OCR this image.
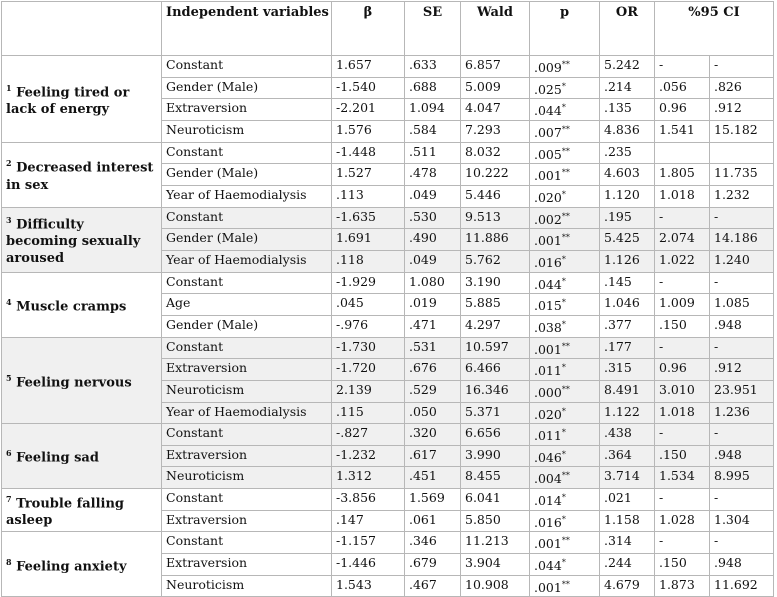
	Independent variables	β	SE	Wald	p	OR	%95 CI	
$^1$ Feeling tired or lack of energy	Constant	1.657	.633	6.857	.009**	5.242	-	-
	Gender (Male)	-1.540	.688	5.009	.025*	.214	.056	.826
	Extraversion	-2.201	1.094	4.047	.044*	.135	0.96	.912
	Neuroticism	1.576	.584	7.293	.007**	4.836	1.541	15.182
$^2$ Decreased interest in sex	Constant	-1.448	.511	8.032	.005**	.235		
	Gender (Male)	1.527	.478	10.222	.001**	4.603	1.805	11.735
	Year of Haemodialysis	.113	.049	5.446	.020*	1.120	1.018	1.232
$^3$ Difficulty becoming sexually aroused	Constant	-1.635	.530	9.513	.002**	.195	-	-
	Gender (Male)	1.691	.490	11.886	.001**	5.425	2.074	14.186
	Year of Haemodialysis	.118	.049	5.762	.016*	1.126	1.022	1.240
$^4$ Muscle cramps	Constant	-1.929	1.080	3.190	.044*	.145	-	-
	Age	.045	.019	5.885	.015*	1.046	1.009	1.085
	Gender (Male)	-.976	.471	4.297	.038*	.377	.150	.948
$^5$ Feeling nervous	Constant	-1.730	.531	10.597	.001**	.177	-	-
	Extraversion	-1.720	.676	6.466	.011*	.315	0.96	.912
	Neuroticism	2.139	.529	16.346	.000**	8.491	3.010	23.951
	Year of Haemodialysis	.115	.050	5.371	.020*	1.122	1.018	1.236
$^6$ Feeling sad	Constant	-.827	.320	6.656	.011*	.438	-	-
	Extraversion	-1.232	.617	3.990	.046*	.364	.150	.948
	Neuroticism	1.312	.451	8.455	.004**	3.714	1.534	8.995
$^7$ Trouble falling asleep	Constant	-3.856	1.569	6.041	.014*	.021	-	-
	Extraversion	.147	.061	5.850	.016*	1.158	1.028	1.304
$^8$ Feeling anxiety	Constant	-1.157	.346	11.213	.001**	.314	-	-
	Extraversion	-1.446	.679	3.904	.044*	.244	.150	.948
	Neuroticism	1.543	.467	10.908	.001**	4.679	1.873	11.692
